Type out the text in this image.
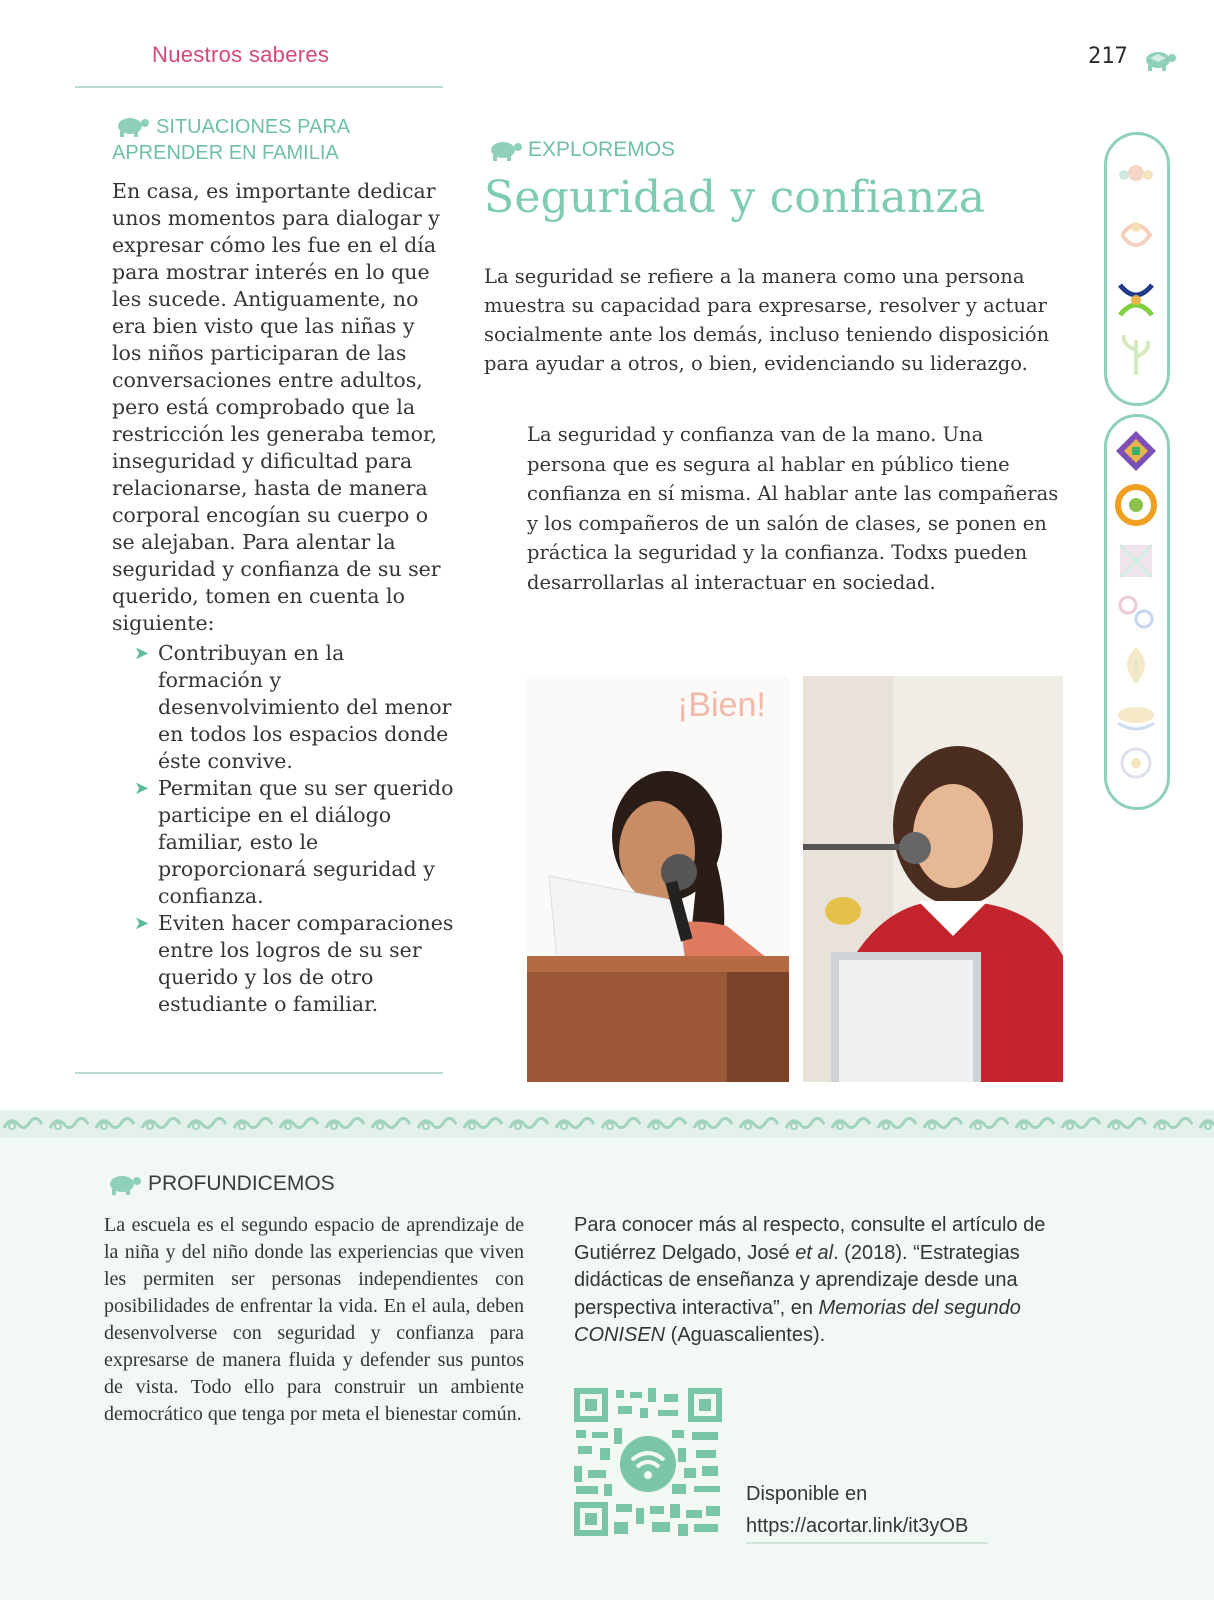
Nuestros saberes	217
SITUACIONES PARA
APRENDER EN FAMILIA
En casa, es importante dedicar unos momentos para dialogar y expresar cómo les fue en el día para mostrar interés en lo que les sucede. Antiguamente, no era bien visto que las niñas y los niños participaran de las conversaciones entre adultos, pero está comprobado que la restricción les generaba temor, inseguridad y dificultad para relacionarse, hasta de manera corporal encogían su cuerpo o se alejaban. Para alentar la seguridad y confianza de su ser querido, tomen en cuenta lo siguiente:
➤ Contribuyan en la formación y desenvolvimiento del menor en todos los espacios donde éste convive.
➤ Permitan que su ser querido participe en el diálogo familiar, esto le proporcionará seguridad y confianza.
➤ Eviten hacer comparaciones entre los logros de su ser querido y los de otro estudiante o familiar.
EXPLOREMOS
Seguridad y confianza
La seguridad se refiere a la manera como una persona muestra su capacidad para expresarse, resolver y actuar socialmente ante los demás, incluso teniendo disposición para ayudar a otros, o bien, evidenciando su liderazgo.
La seguridad y confianza van de la mano. Una persona que es segura al hablar en público tiene confianza en sí misma. Al hablar ante las compañeras y los compañeros de un salón de clases, se ponen en práctica la seguridad y la confianza. Todxs pueden desarrollarlas al interactuar en sociedad.
¡Bien!
PROFUNDICEMOS
La escuela es el segundo espacio de aprendizaje de la niña y del niño donde las experiencias que viven les permiten ser personas independientes con posibilidades de enfrentar la vida. En el aula, deben desenvolverse con seguridad y confianza para expresarse de manera fluida y defender sus puntos de vista. Todo ello para construir un ambiente democrático que tenga por meta el bienestar común.
Para conocer más al respecto, consulte el artículo de Gutiérrez Delgado, José et al. (2018). “Estrategias didácticas de enseñanza y aprendizaje desde una perspectiva interactiva”, en Memorias del segundo CONISEN (Aguascalientes).
Disponible en
https://acortar.link/it3yOB
